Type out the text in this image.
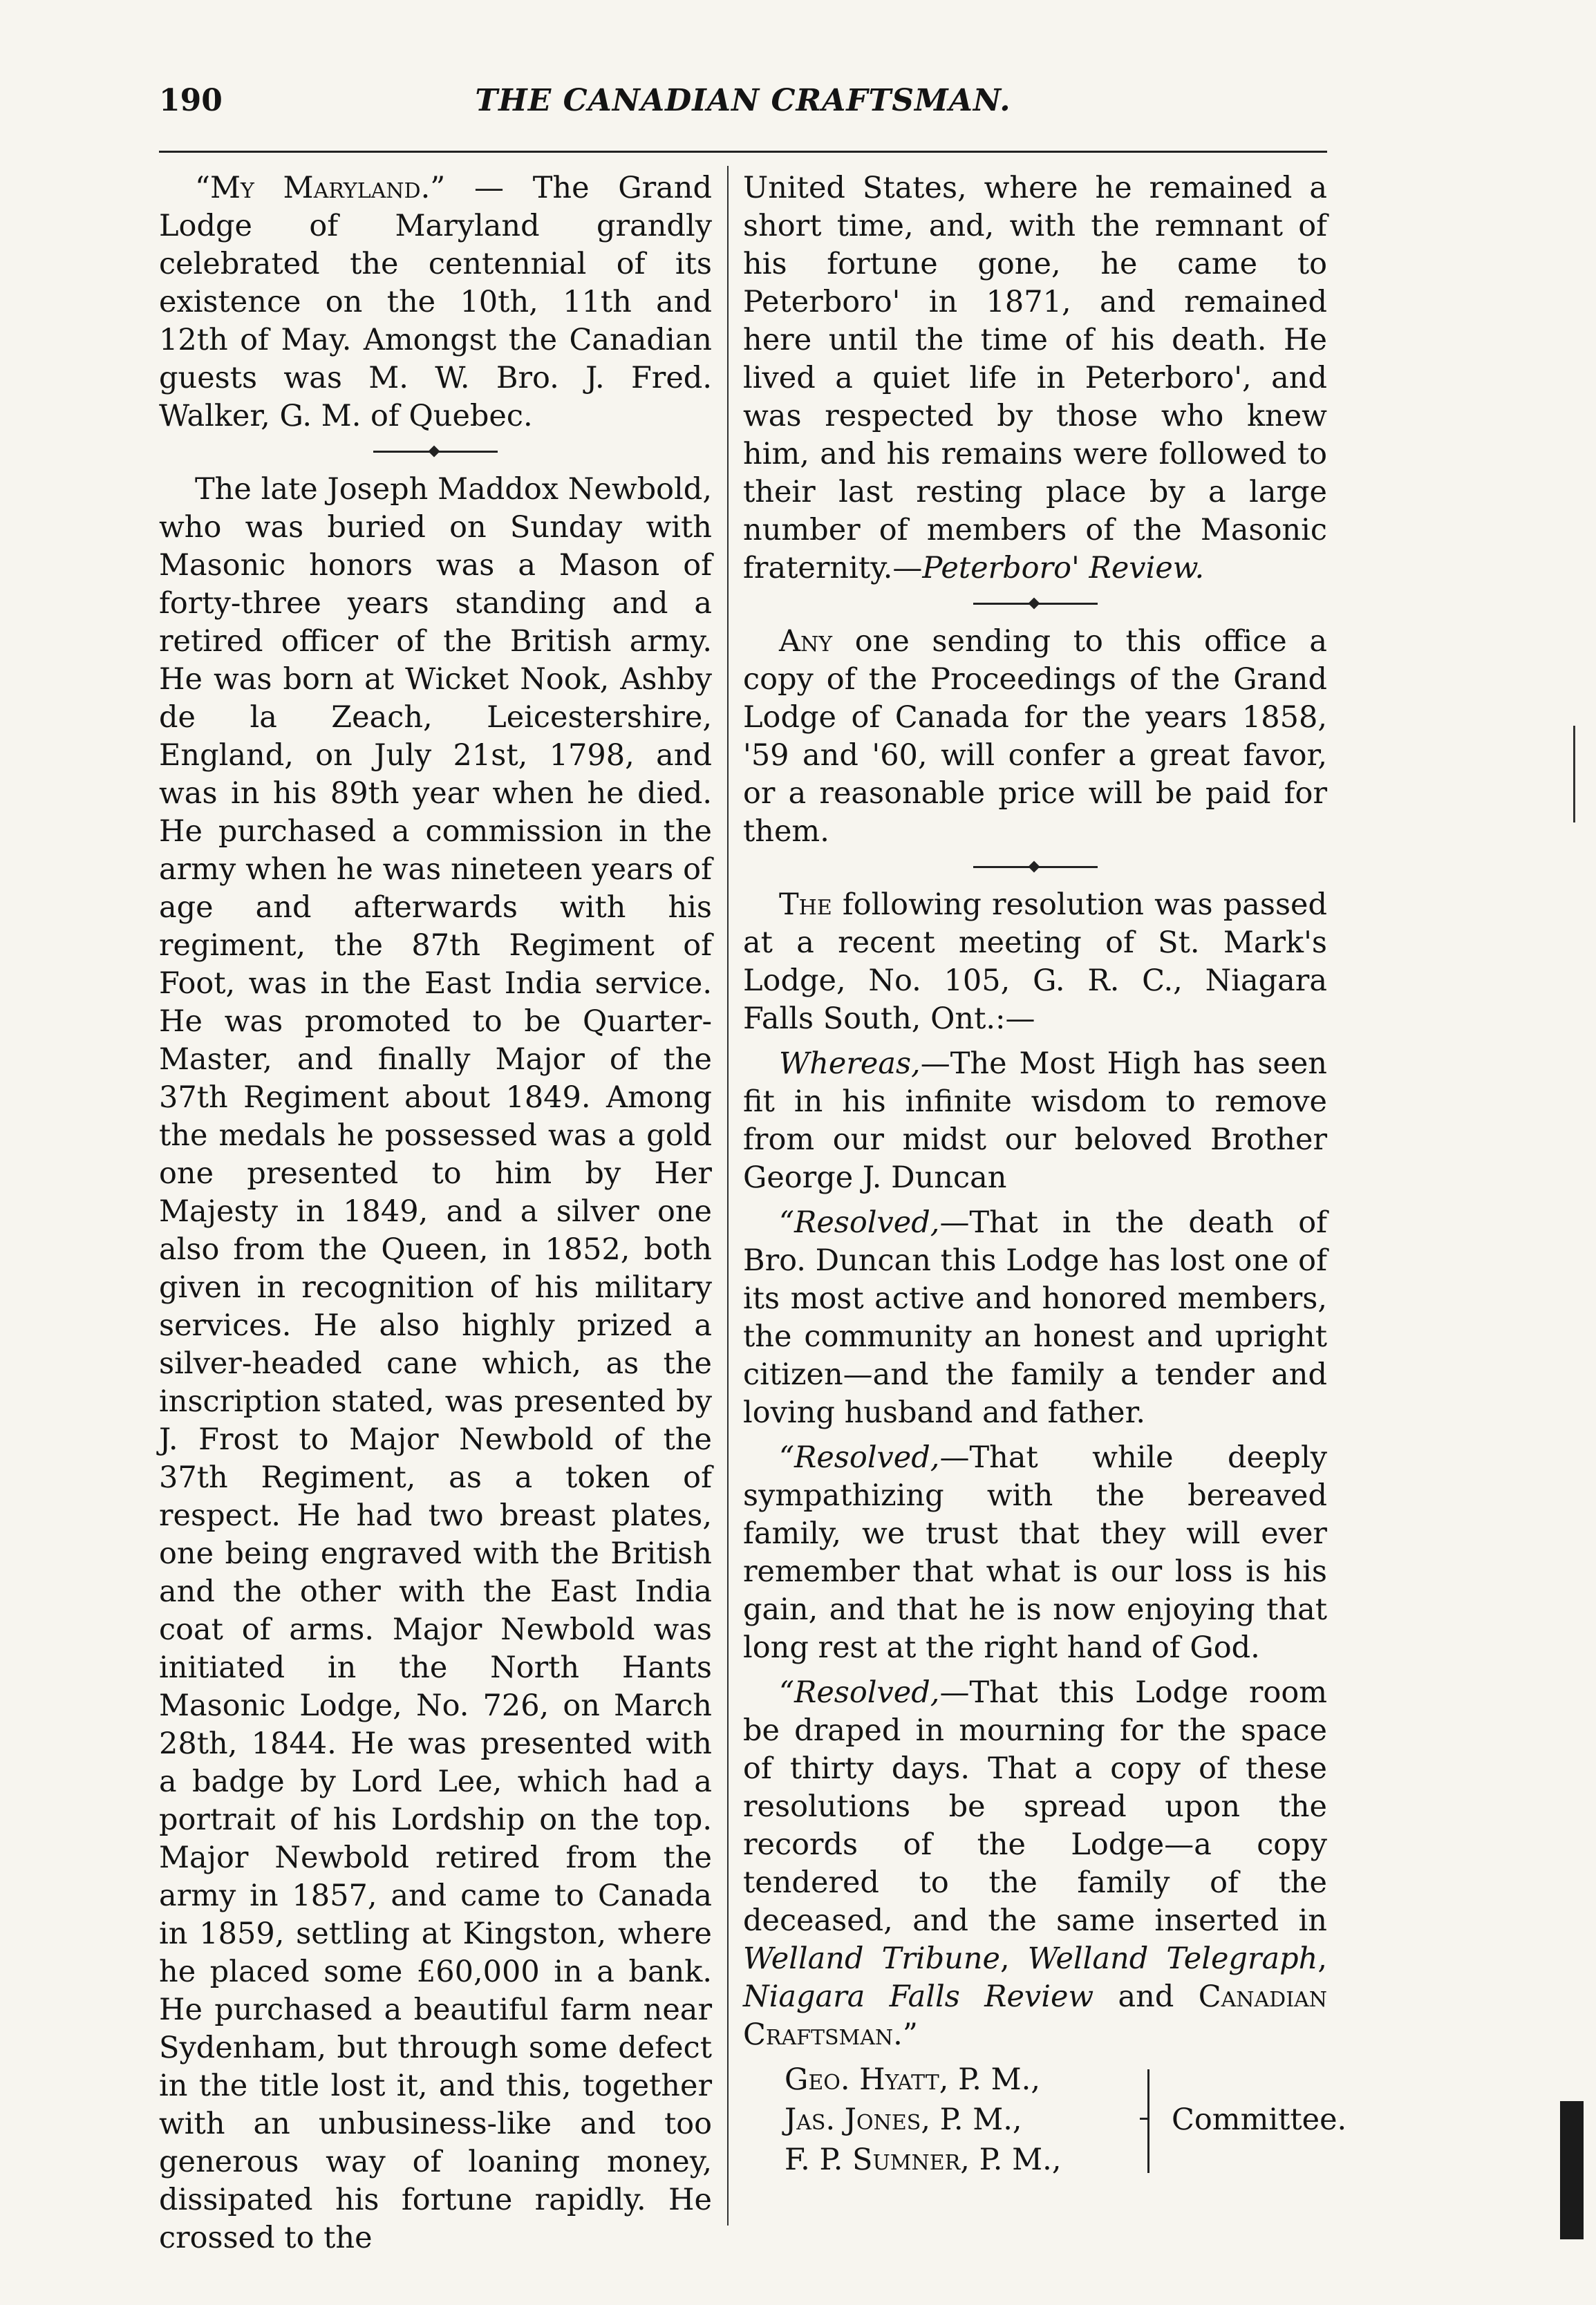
190	THE CANADIAN CRAFTSMAN.

“My Maryland.” — The Grand Lodge of Maryland grandly celebrated the centennial of its existence on the 10th, 11th and 12th of May. Amongst the Canadian guests was M. W. Bro. J. Fred. Walker, G. M. of Quebec.

The late Joseph Maddox Newbold, who was buried on Sunday with Masonic honors was a Mason of forty-three years standing and a retired officer of the British army. He was born at Wicket Nook, Ashby de la Zeach, Leicestershire, England, on July 21st, 1798, and was in his 89th year when he died. He purchased a commission in the army when he was nineteen years of age and afterwards with his regiment, the 87th Regiment of Foot, was in the East India service. He was promoted to be Quarter-Master, and finally Major of the 37th Regiment about 1849. Among the medals he possessed was a gold one presented to him by Her Majesty in 1849, and a silver one also from the Queen, in 1852, both given in recognition of his military services. He also highly prized a silver-headed cane which, as the inscription stated, was presented by J. Frost to Major Newbold of the 37th Regiment, as a token of respect. He had two breast plates, one being engraved with the British and the other with the East India coat of arms. Major Newbold was initiated in the North Hants Masonic Lodge, No. 726, on March 28th, 1844. He was presented with a badge by Lord Lee, which had a portrait of his Lordship on the top. Major Newbold retired from the army in 1857, and came to Canada in 1859, settling at Kingston, where he placed some £60,000 in a bank. He purchased a beautiful farm near Sydenham, but through some defect in the title lost it, and this, together with an unbusiness-like and too generous way of loaning money, dissipated his fortune rapidly. He crossed to the

United States, where he remained a short time, and, with the remnant of his fortune gone, he came to Peterboro' in 1871, and remained here until the time of his death. He lived a quiet life in Peterboro', and was respected by those who knew him, and his remains were followed to their last resting place by a large number of members of the Masonic fraternity.—Peterboro' Review.

Any one sending to this office a copy of the Proceedings of the Grand Lodge of Canada for the years 1858, '59 and '60, will confer a great favor, or a reasonable price will be paid for them.

The following resolution was passed at a recent meeting of St. Mark's Lodge, No. 105, G. R. C., Niagara Falls South, Ont.:—

Whereas,—The Most High has seen fit in his infinite wisdom to remove from our midst our beloved Brother George J. Duncan

“Resolved,—That in the death of Bro. Duncan this Lodge has lost one of its most active and honored members, the community an honest and upright citizen—and the family a tender and loving husband and father.

“Resolved,—That while deeply sympathizing with the bereaved family, we trust that they will ever remember that what is our loss is his gain, and that he is now enjoying that long rest at the right hand of God.

“Resolved,—That this Lodge room be draped in mourning for the space of thirty days. That a copy of these resolutions be spread upon the records of the Lodge—a copy tendered to the family of the deceased, and the same inserted in Welland Tribune, Welland Telegraph, Niagara Falls Review and Canadian Craftsman.”

Geo. Hyatt, P. M.,
Jas. Jones, P. M.,
F. P. Sumner, P. M.,
Committee.
